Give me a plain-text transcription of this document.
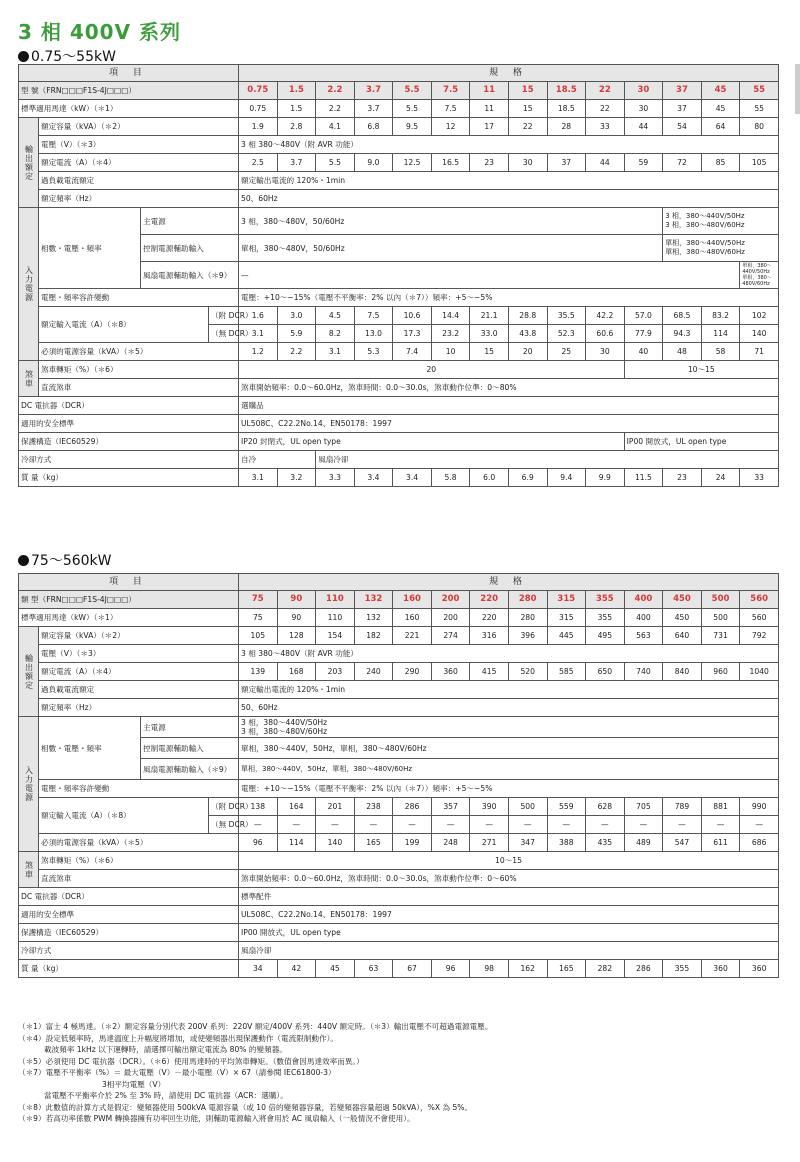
3 相 400V 系列
0.75～55kW
項 目				規 格													
型 號（FRN□□□F1S-4J□□□）				0.75	1.5	2.2	3.7	5.5	7.5	11	15	18.5	22	30	37	45	55
標準適用馬達（kW）（＊1）				0.75	1.5	2.2	3.7	5.5	7.5	11	15	18.5	22	30	37	45	55
輸出額定	額定容量（kVA）（＊2）			1.9	2.8	4.1	6.8	9.5	12	17	22	28	33	44	54	64	80
	電壓（V）（＊3）			3 相 380～480V（附 AVR 功能）													
	額定電流（A）（＊4）			2.5	3.7	5.5	9.0	12.5	16.5	23	30	37	44	59	72	85	105
	過負載電流額定			額定輸出電流的 120%・1min													
	額定頻率（Hz）			50、60Hz													
入力電源	相數・電壓・頻率	主電源		3 相，380～480V，50/60Hz											3 相，380～440V/50Hz
3 相，380～480V/60Hz		
		控制電源輔助輸入		單相，380～480V，50/60Hz											單相，380～440V/50Hz
單相，380～480V/60Hz		
		風扇電源輔助輸入（＊9）		—													單相，380～440V/50Hz
單相，380～480V/60Hz
	電壓・頻率容許變動			電壓：+10～−15%（電壓不平衡率：2% 以內（＊7））頻率：+5～−5%													
	額定輸入電流（A）（＊8）		（附 DCR）	1.6	3.0	4.5	7.5	10.6	14.4	21.1	28.8	35.5	42.2	57.0	68.5	83.2	102
			（無 DCR）	3.1	5.9	8.2	13.0	17.3	23.2	33.0	43.8	52.3	60.6	77.9	94.3	114	140
	必須的電源容量（kVA）（＊5）			1.2	2.2	3.1	5.3	7.4	10	15	20	25	30	40	48	58	71
煞車	煞車轉矩（%）（＊6）			20										10～15			
	直流煞車			煞車開始頻率：0.0～60.0Hz，煞車時間：0.0～30.0s，煞車動作位準：0～80%													
DC 電抗器（DCR）				選購品													
適用的安全標準				UL508C、C22.2No.14、EN50178：1997													
保護構造（IEC60529）				IP20 封閉式，UL open type										IP00 開放式，UL open type			
冷卻方式				自冷		風扇冷卻											
質 量（kg）				3.1	3.2	3.3	3.4	3.4	5.8	6.0	6.9	9.4	9.9	11.5	23	24	33
75～560kW
項 目				規 格													
類 型（FRN□□□F1S-4J□□□）				75	90	110	132	160	200	220	280	315	355	400	450	500	560
標準適用馬達（kW）（＊1）				75	90	110	132	160	200	220	280	315	355	400	450	500	560
輸出額定	額定容量（kVA）（＊2）			105	128	154	182	221	274	316	396	445	495	563	640	731	792
	電壓（V）（＊3）			3 相 380～480V（附 AVR 功能）													
	額定電流（A）（＊4）			139	168	203	240	290	360	415	520	585	650	740	840	960	1040
	過負載電流額定			額定輸出電流的 120%・1min													
	額定頻率（Hz）			50、60Hz													
入力電源	相數・電壓・頻率	主電源		3 相，380～440V/50Hz
3 相，380～480V/60Hz													
		控制電源輔助輸入		單相，380～440V，50Hz，單相，380～480V/60Hz													
		風扇電源輔助輸入（＊9）		單相，380～440V，50Hz，單相，380～480V/60Hz													
	電壓・頻率容許變動			電壓：+10～−15%（電壓不平衡率：2% 以內（＊7））頻率：+5～−5%													
	額定輸入電流（A）（＊8）		（附 DCR）	138	164	201	238	286	357	390	500	559	628	705	789	881	990
			（無 DCR）	—	—	—	—	—	—	—	—	—	—	—	—	—	—
	必須的電源容量（kVA）（＊5）			96	114	140	165	199	248	271	347	388	435	489	547	611	686
煞車	煞車轉矩（%）（＊6）			10～15													
	直流煞車			煞車開始頻率：0.0～60.0Hz，煞車時間：0.0～30.0s，煞車動作位準：0～60%													
DC 電抗器（DCR）				標準配件													
適用的安全標準				UL508C、C22.2No.14、EN50178：1997													
保護構造（IEC60529）				IP00 開放式，UL open type													
冷卻方式				風扇冷卻													
質 量（kg）				34	42	45	63	67	96	98	162	165	282	286	355	360	360
（＊1）富士 4 極馬達。（＊2）額定容量分別代表 200V 系列：220V 額定/400V 系列：440V 額定時。（＊3）輸出電壓不可超過電源電壓。
（＊4）設定低頻率時，馬達溫度上升幅度將增加，或使變頻器出現保護動作（電流限制動作）。
載波頻率 1kHz 以下運轉時，請選擇可輸出額定電流為 80% 的變頻器。
（＊5）必須使用 DC 電抗器（DCR）。（＊6）使用馬達時的平均煞車轉矩。（數值會因馬達效率而異。）
（＊7）電壓不平衡率（%）＝ 最大電壓（V）－最小電壓（V）× 67（請參閱 IEC61800-3）
3相平均電壓（V）
當電壓不平衡率介於 2% 至 3% 時，請使用 DC 電抗器（ACR：選購）。
（＊8）此數值的計算方式是假定：變頻器使用 500kVA 電源容量（或 10 倍的變頻器容量，若變頻器容量超過 50kVA），%X 為 5%。
（＊9）若高功率係數 PWM 轉換器擁有功率回生功能，則輔助電源輸入將會用於 AC 風扇輸入（一般情況不會使用）。
